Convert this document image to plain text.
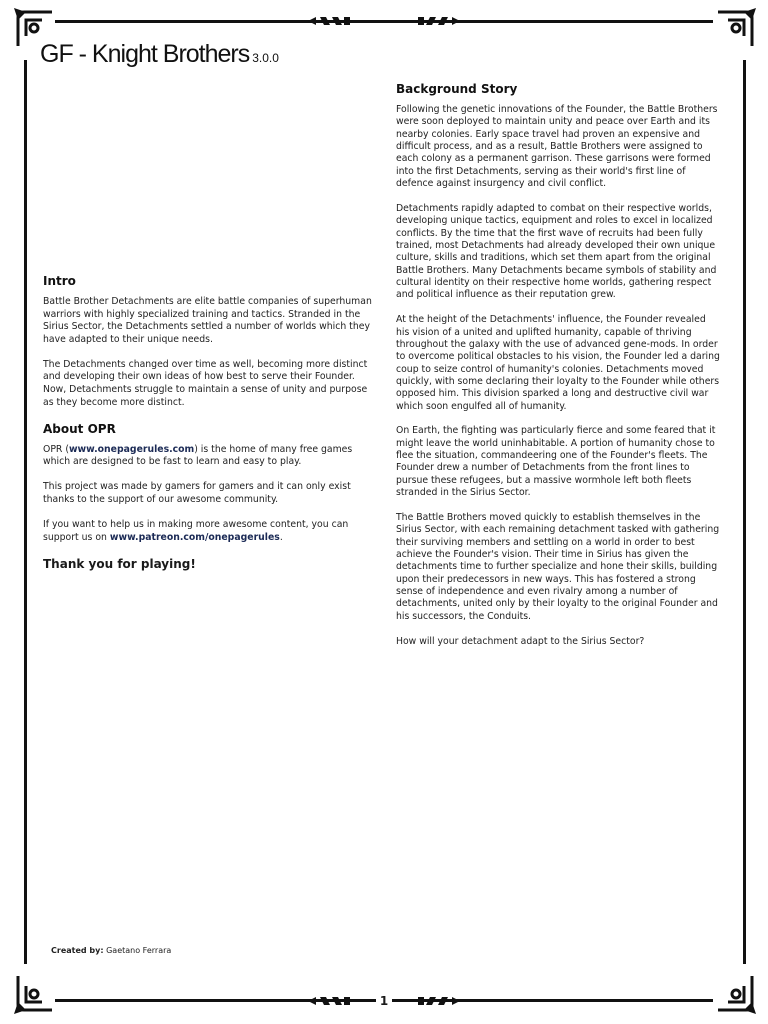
GF - Knight Brothers 3.0.0
Intro

Battle Brother Detachments are elite battle companies of superhuman warriors with highly specialized training and tactics. Stranded in the Sirius Sector, the Detachments settled a number of worlds which they have adapted to their unique needs.

The Detachments changed over time as well, becoming more distinct and developing their own ideas of how best to serve their Founder. Now, Detachments struggle to maintain a sense of unity and purpose as they become more distinct.

About OPR

OPR (www.onepagerules.com) is the home of many free games which are designed to be fast to learn and easy to play.

This project was made by gamers for gamers and it can only exist thanks to the support of our awesome community.

If you want to help us in making more awesome content, you can support us on www.patreon.com/onepagerules.

Thank you for playing!
Background Story

Following the genetic innovations of the Founder, the Battle Brothers were soon deployed to maintain unity and peace over Earth and its nearby colonies. Early space travel had proven an expensive and difficult process, and as a result, Battle Brothers were assigned to each colony as a permanent garrison. These garrisons were formed into the first Detachments, serving as their world's first line of defence against insurgency and civil conflict.

Detachments rapidly adapted to combat on their respective worlds, developing unique tactics, equipment and roles to excel in localized conflicts. By the time that the first wave of recruits had been fully trained, most Detachments had already developed their own unique culture, skills and traditions, which set them apart from the original Battle Brothers. Many Detachments became symbols of stability and cultural identity on their respective home worlds, gathering respect and political influence as their reputation grew.

At the height of the Detachments' influence, the Founder revealed his vision of a united and uplifted humanity, capable of thriving throughout the galaxy with the use of advanced gene-mods. In order to overcome political obstacles to his vision, the Founder led a daring coup to seize control of humanity's colonies. Detachments moved quickly, with some declaring their loyalty to the Founder while others opposed him. This division sparked a long and destructive civil war which soon engulfed all of humanity.

On Earth, the fighting was particularly fierce and some feared that it might leave the world uninhabitable. A portion of humanity chose to flee the situation, commandeering one of the Founder's fleets. The Founder drew a number of Detachments from the front lines to pursue these refugees, but a massive wormhole left both fleets stranded in the Sirius Sector.

The Battle Brothers moved quickly to establish themselves in the Sirius Sector, with each remaining detachment tasked with gathering their surviving members and settling on a world in order to best achieve the Founder's vision. Their time in Sirius has given the detachments time to further specialize and hone their skills, building upon their predecessors in new ways. This has fostered a strong sense of independence and even rivalry among a number of detachments, united only by their loyalty to the original Founder and his successors, the Conduits.

How will your detachment adapt to the Sirius Sector?

Created by: Gaetano Ferrara
1
